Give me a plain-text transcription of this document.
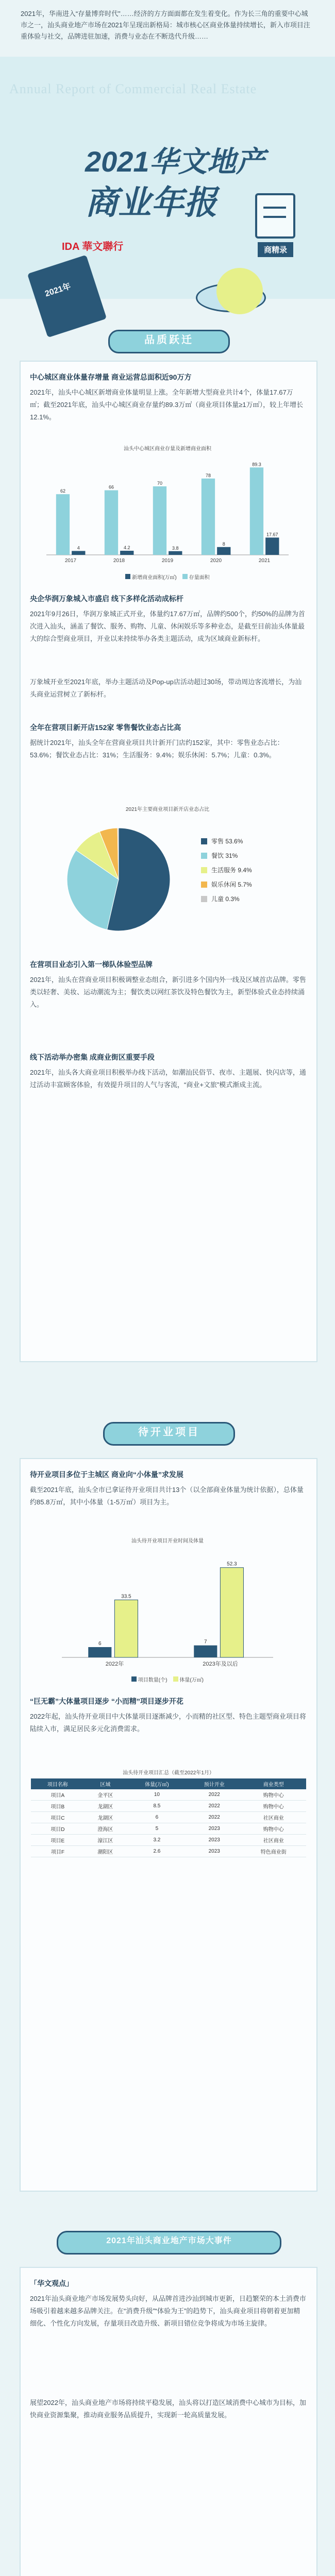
2021年，华南进入“存量博弈时代”……经济的方方面面都在发生着变化。作为长三角的重要中心城市之一，汕头商业地产市场在2021年呈现出新格局：城市核心区商业体量持续增长，新入市项目注重体验与社交，品牌进驻加速，消费与业态在不断迭代升级……
Annual Report of Commercial Real Estate
2021华文地产
商业年报
IDA 華文聯行	商精录
2021年
品质跃迁
中心城区商业体量存增量 商业运营总面积近90万方
2021年，汕头中心城区新增商业体量明显上涨。全年新增大型商业共计4个，体量17.67万㎡；截至2021年底，汕头中心城区商业存量约89.3万㎡（商业项目体量≥1万㎡），较上年增长12.1%。
汕头中心城区商业存量及新增商业面积
62
4
2017
66
4.2
2018
70
3.8
2019
78
8
2020
89.3
17.67
2021
新增商业面积(万㎡) 存量面积
央企华润万象城入市盛启 线下多样化活动成标杆
2021年9月26日，华润万象城正式开业，体量约17.67万㎡，品牌约500个，约50%的品牌为首次进入汕头，涵盖了餐饮、服务、购物、儿童、休闲娱乐等多种业态，是截至目前汕头体量最大的综合型商业项目，开业以来持续举办各类主题活动，成为区域商业新标杆。
万象城开业至2021年底，举办主题活动及Pop-up店活动超过30场，带动周边客流增长，为汕头商业运营树立了新标杆。
全年在营项目新开店152家 零售餐饮业态占比高
据统计2021年，汕头全年在营商业项目共计新开门店约152家，其中：零售业态占比：53.6%；餐饮业态占比：31%；生活服务：9.4%；娱乐休闲：5.7%；儿童：0.3%。
2021年主要商业项目新开店业态占比
零售 53.6%
餐饮 31%
生活服务 9.4%
娱乐休闲 5.7%
儿童 0.3%
在营项目业态引入第一梯队体验型品牌
2021年，汕头在营商业项目积极调整业态组合，新引进多个国内外一线及区域首店品牌。零售类以轻奢、美妆、运动潮流为主；餐饮类以网红茶饮及特色餐饮为主，新型体验式业态持续涌入。
线下活动举办密集 成商业街区重要手段
2021年，汕头各大商业项目积极举办线下活动，如潮汕民俗节、夜市、主题展、快闪店等，通过活动丰富顾客体验，有效提升项目的人气与客流，“商业+文旅”模式渐成主流。
待开业项目
待开业项目多位于主城区 商业向“小体量”求发展
截至2021年底，汕头全市已拿证待开业项目共计13个（以全部商业体量为统计依据），总体量约85.8万㎡，其中小体量（1-5万㎡）项目为主。
汕头待开业项目开业时间及体量
6
33.5
2022年
7
52.3
2023年及以后
项目数量(个) 体量(万㎡)
“巨无霸”大体量项目逐步 “小而精”项目逐步开花
2022年起，汕头待开业项目中大体量项目逐渐减少，小而精的社区型、特色主题型商业项目将陆续入市，满足居民多元化消费需求。
汕头待开业项目汇总（截至2022年1月）
项目名称	区域	体量(万㎡)	预计开业	商业类型
项目A	金平区	10	2022	购物中心
项目B	龙湖区	8.5	2022	购物中心
项目C	龙湖区	6	2022	社区商业
项目D	澄海区	5	2023	购物中心
项目E	濠江区	3.2	2023	社区商业
项目F	潮阳区	2.6	2023	特色商业街
2021年汕头商业地产市场大事件
「华文观点」
2021年汕头商业地产市场发展势头向好，从品牌首进沙汕到城市更新，日趋繁荣的本土消费市场吸引着越来越多品牌关注。在“消费升级”“体验为王”的趋势下，汕头商业项目将朝着更加精细化、个性化方向发展，存量项目改造升级、新项目错位竞争将成为市场主旋律。
展望2022年，汕头商业地产市场将持续平稳发展，汕头将以打造区域消费中心城市为目标，加快商业资源集聚，推动商业服务品质提升，实现新一轮高质量发展。
